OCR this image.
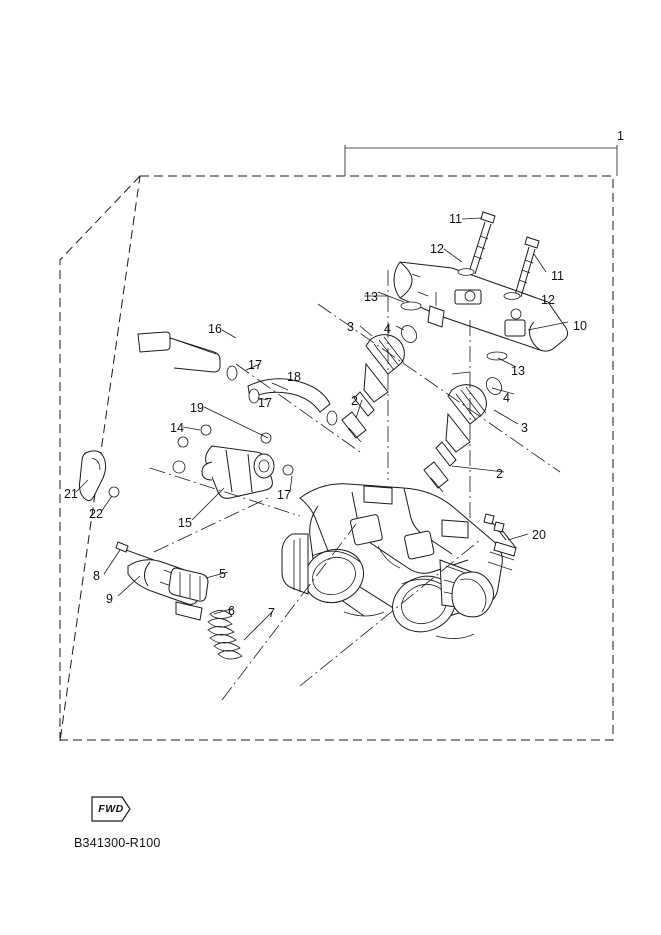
1
11
12
11
13	12
3	10
4
16
13
17
18
4
2
19	17
3
14
2
17
21
15
22
20
8	5
9
6	7
FWD
B341300-R100
